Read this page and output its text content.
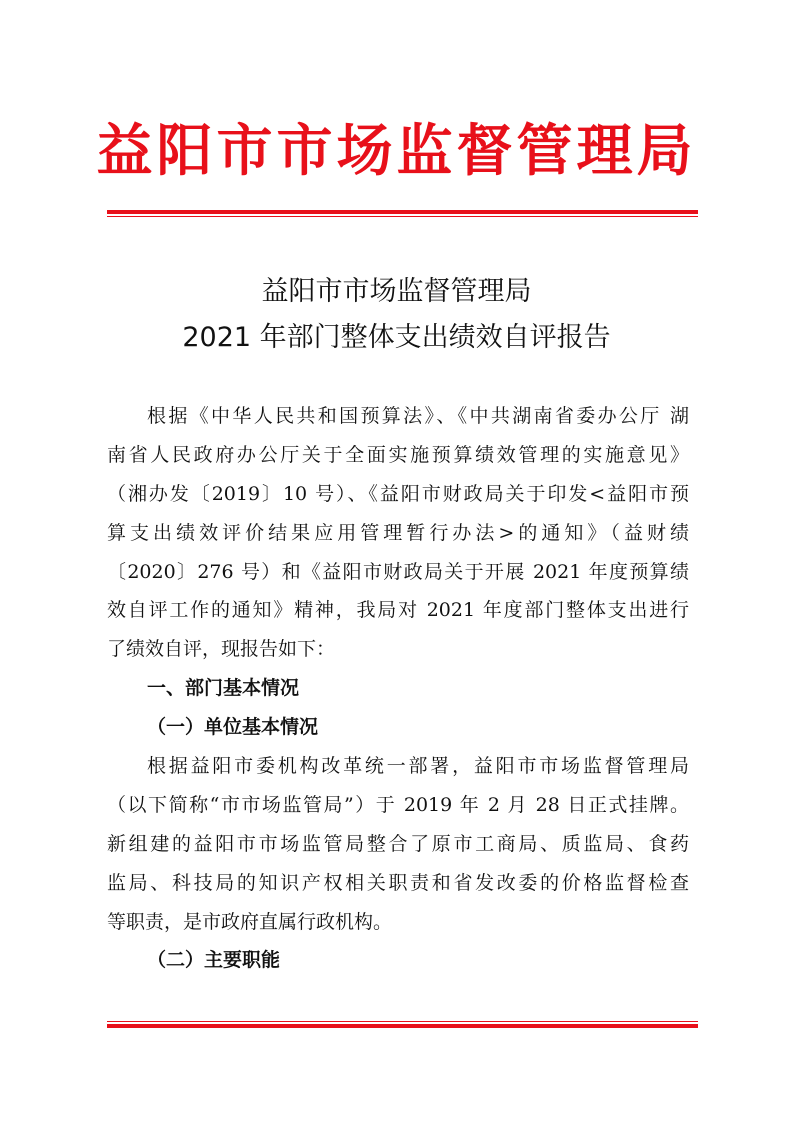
益阳市市场监督管理局
益阳市市场监督管理局
2021 年部门整体支出绩效自评报告
根据《中华人民共和国预算法》、《中共湖南省委办公厅 湖
南省人民政府办公厅关于全面实施预算绩效管理的实施意见》
（湘办发〔2019〕10 号）、《益阳市财政局关于印发<益阳市预
算支出绩效评价结果应用管理暂行办法>的通知》（益财绩
〔2020〕276 号）和《益阳市财政局关于开展 2021 年度预算绩
效自评工作的通知》精神，我局对 2021 年度部门整体支出进行
了绩效自评，现报告如下：
一、部门基本情况
（一）单位基本情况
根据益阳市委机构改革统一部署，益阳市市场监督管理局
（以下简称“市市场监管局”）于 2019 年 2 月 28 日正式挂牌。
新组建的益阳市市场监管局整合了原市工商局、质监局、食药
监局、科技局的知识产权相关职责和省发改委的价格监督检查
等职责，是市政府直属行政机构。
（二）主要职能
